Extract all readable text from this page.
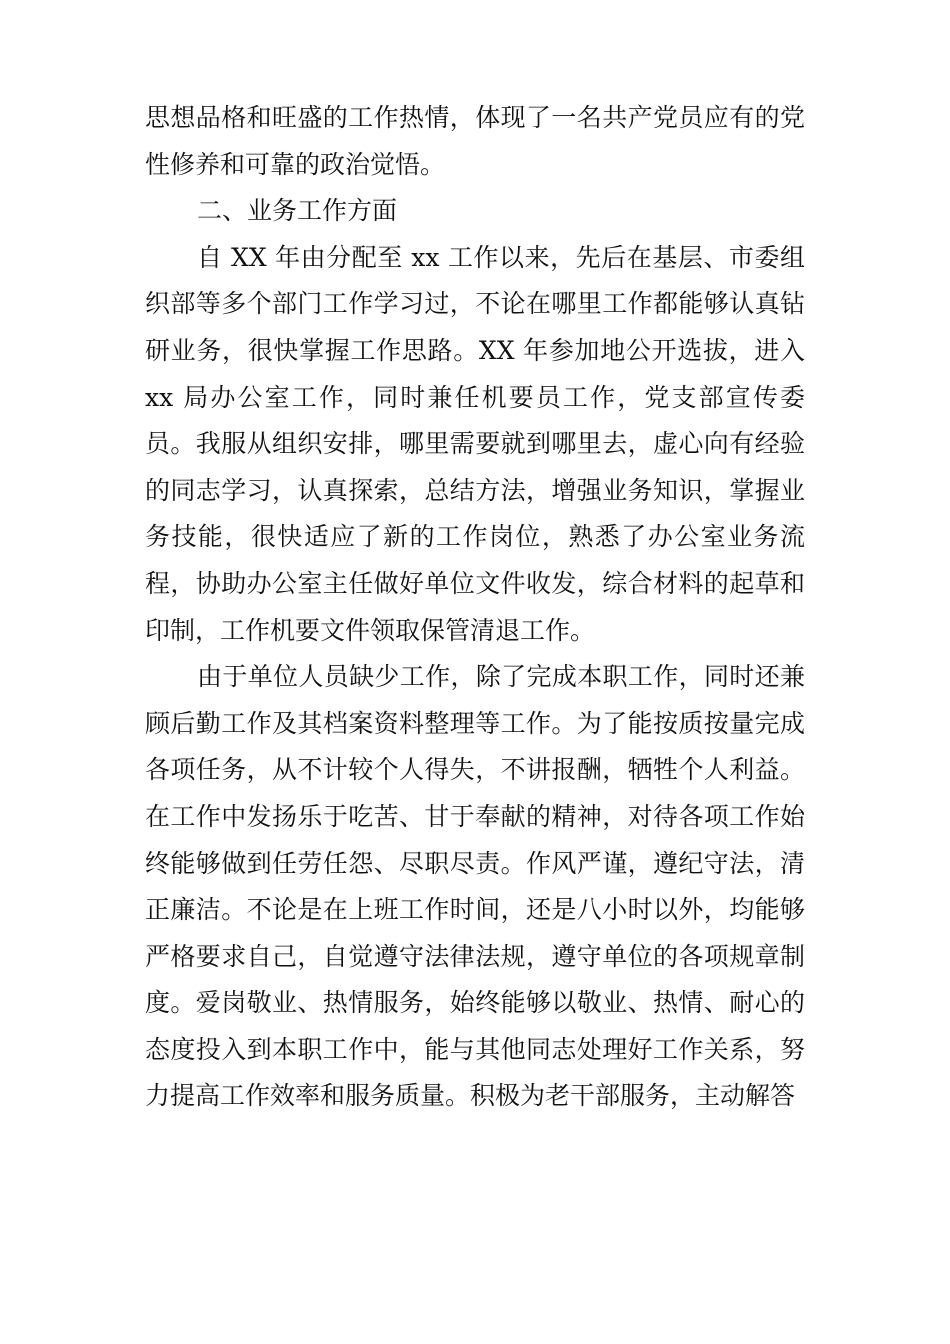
思想品格和旺盛的工作热情，体现了一名共产党员应有的党性修养和可靠的政治觉悟。

二、业务工作方面

自 XX 年由分配至 xx 工作以来，先后在基层、市委组织部等多个部门工作学习过，不论在哪里工作都能够认真钻研业务，很快掌握工作思路。XX 年参加地公开选拔，进入 xx 局办公室工作，同时兼任机要员工作，党支部宣传委员。我服从组织安排，哪里需要就到哪里去，虚心向有经验的同志学习，认真探索，总结方法，增强业务知识，掌握业务技能，很快适应了新的工作岗位，熟悉了办公室业务流程，协助办公室主任做好单位文件收发，综合材料的起草和印制，工作机要文件领取保管清退工作。

由于单位人员缺少工作，除了完成本职工作，同时还兼顾后勤工作及其档案资料整理等工作。为了能按质按量完成各项任务，从不计较个人得失，不讲报酬，牺牲个人利益。在工作中发扬乐于吃苦、甘于奉献的精神，对待各项工作始终能够做到任劳任怨、尽职尽责。作风严谨，遵纪守法，清正廉洁。不论是在上班工作时间，还是八小时以外，均能够严格要求自己，自觉遵守法律法规，遵守单位的各项规章制度。爱岗敬业、热情服务，始终能够以敬业、热情、耐心的态度投入到本职工作中，能与其他同志处理好工作关系，努力提高工作效率和服务质量。积极为老干部服务，主动解答
